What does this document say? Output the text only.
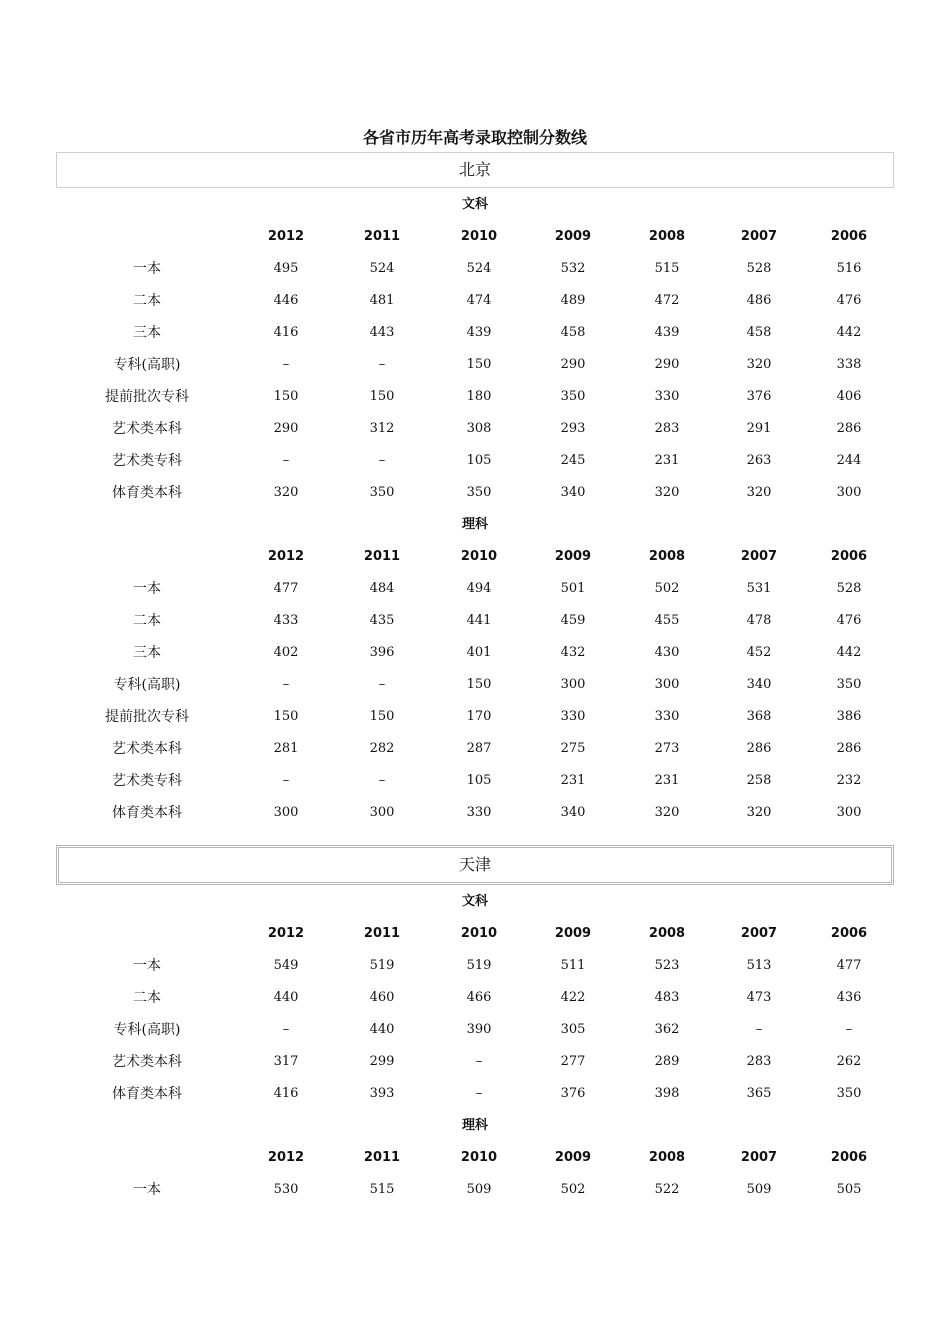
各省市历年高考录取控制分数线
北京
文科
2012	2011	2010	2009	2008	2007	2006
一本	495	524	524	532	515	528	516
二本	446	481	474	489	472	486	476
三本	416	443	439	458	439	458	442
专科(高职)	–	–	150	290	290	320	338
提前批次专科	150	150	180	350	330	376	406
艺术类本科	290	312	308	293	283	291	286
艺术类专科	–	–	105	245	231	263	244
体育类本科	320	350	350	340	320	320	300
理科
2012	2011	2010	2009	2008	2007	2006
一本	477	484	494	501	502	531	528
二本	433	435	441	459	455	478	476
三本	402	396	401	432	430	452	442
专科(高职)	–	–	150	300	300	340	350
提前批次专科	150	150	170	330	330	368	386
艺术类本科	281	282	287	275	273	286	286
艺术类专科	–	–	105	231	231	258	232
体育类本科	300	300	330	340	320	320	300
天津
文科
2012	2011	2010	2009	2008	2007	2006
一本	549	519	519	511	523	513	477
二本	440	460	466	422	483	473	436
专科(高职)	–	440	390	305	362	–	–
艺术类本科	317	299	–	277	289	283	262
体育类本科	416	393	–	376	398	365	350
理科
2012	2011	2010	2009	2008	2007	2006
一本	530	515	509	502	522	509	505
